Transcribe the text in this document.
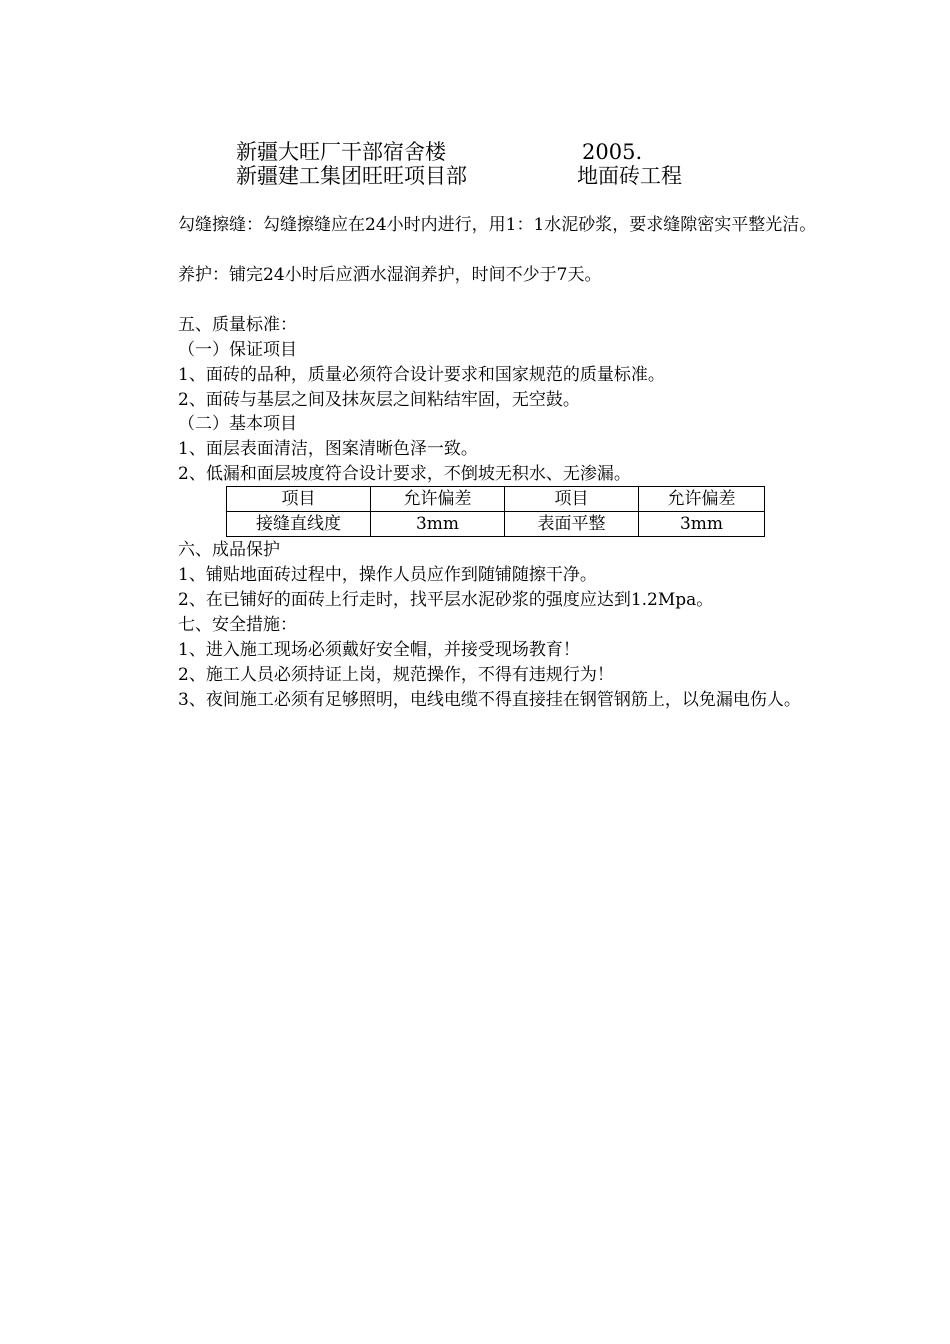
新疆大旺厂干部宿舍楼	2005.
新疆建工集团旺旺项目部	地面砖工程
勾缝擦缝：勾缝擦缝应在24小时内进行，用1：1水泥砂浆，要求缝隙密实平整光洁。
养护：铺完24小时后应洒水湿润养护，时间不少于7天。
五、质量标准：
（一）保证项目
1、面砖的品种，质量必须符合设计要求和国家规范的质量标准。
2、面砖与基层之间及抹灰层之间粘结牢固，无空鼓。
（二）基本项目
1、面层表面清洁，图案清晰色泽一致。
2、低漏和面层坡度符合设计要求，不倒坡无积水、无渗漏。
项目	允许偏差	项目	允许偏差
接缝直线度	3mm	表面平整	3mm
六、成品保护
1、铺贴地面砖过程中，操作人员应作到随铺随擦干净。
2、在已铺好的面砖上行走时，找平层水泥砂浆的强度应达到1.2Mpa。
七、安全措施：
1、进入施工现场必须戴好安全帽，并接受现场教育！
2、施工人员必须持证上岗，规范操作，不得有违规行为！
3、夜间施工必须有足够照明，电线电缆不得直接挂在钢管钢筋上，以免漏电伤人。
